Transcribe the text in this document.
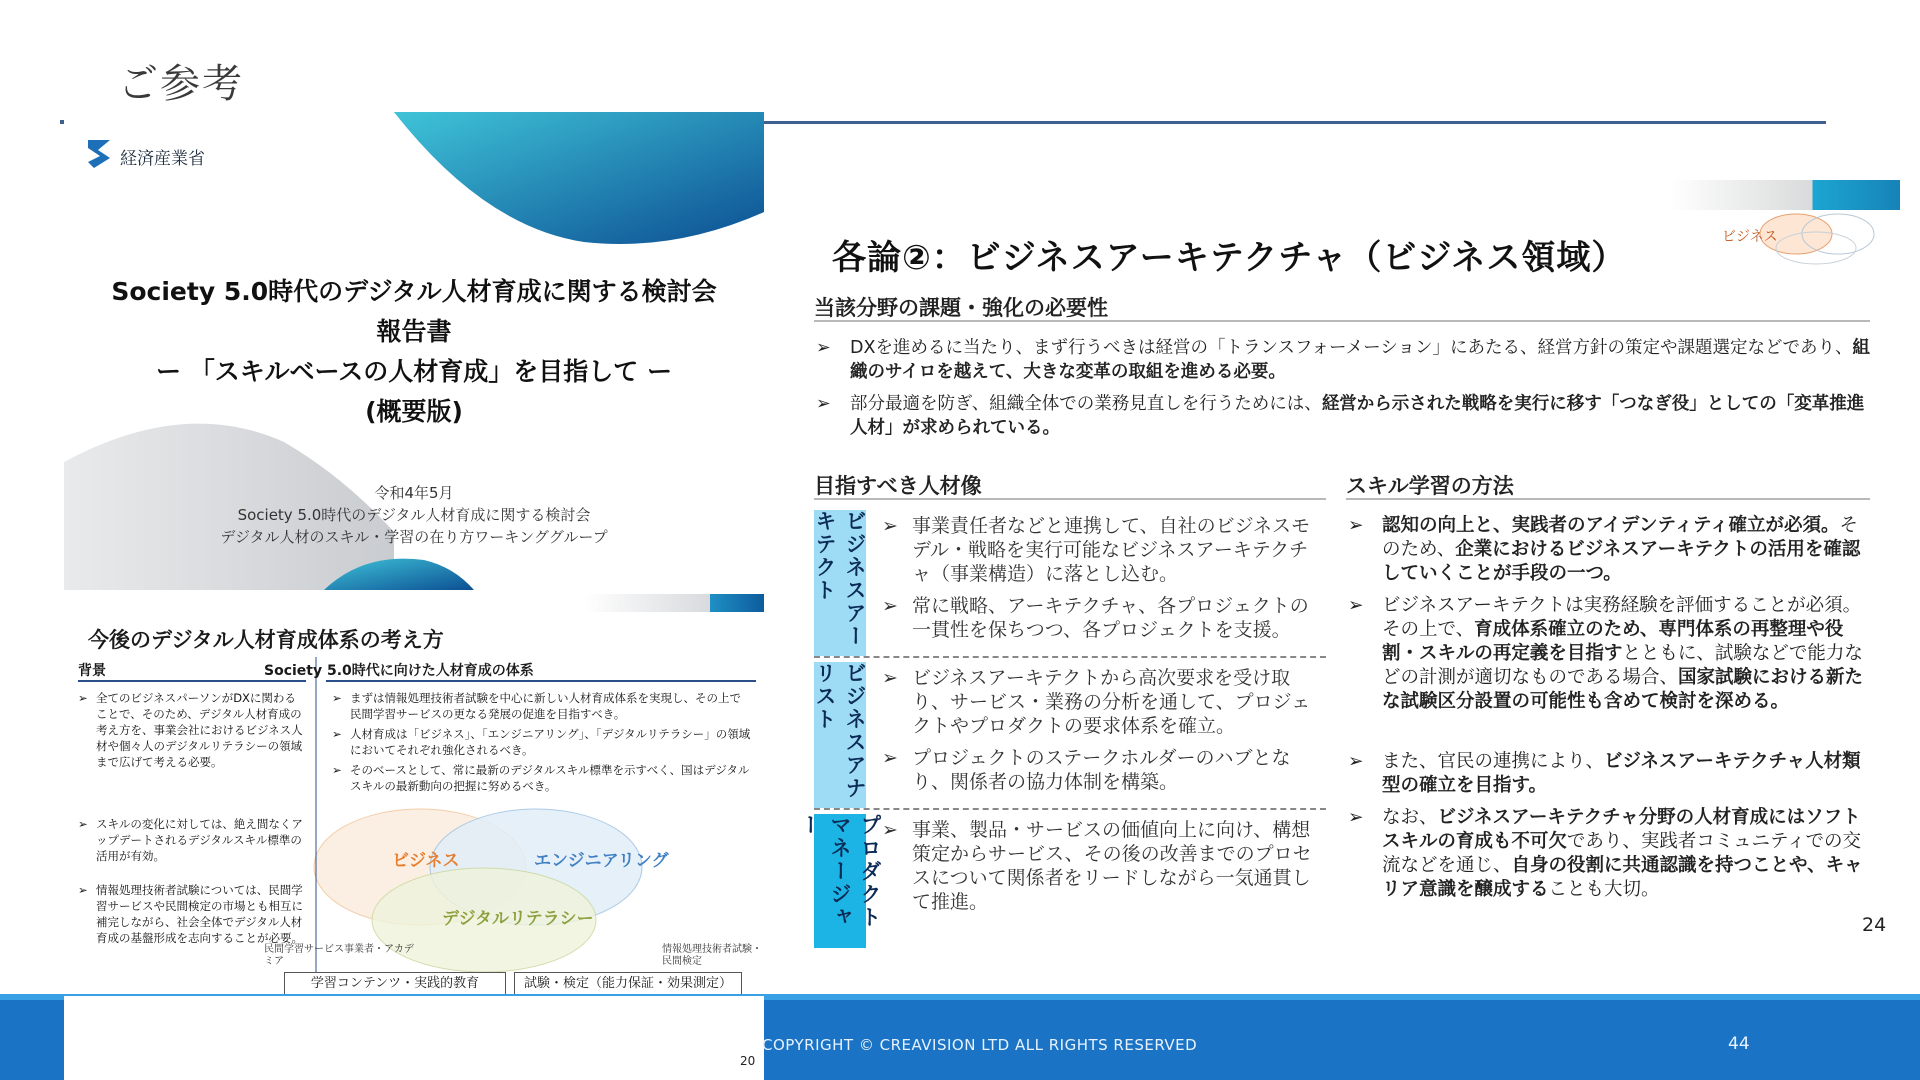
ご参考
経済産業省
Society 5.0時代のデジタル人材育成に関する検討会
報告書
ー 「スキルベースの人材育成」を目指して ー
(概要版)
令和4年5月
Society 5.0時代のデジタル人材育成に関する検討会
デジタル人材のスキル・学習の在り方ワーキンググループ
今後のデジタル人材育成体系の考え方
背景	Society 5.0時代に向けた人材育成の体系
➢ 全てのビジネスパーソンがDXに関わることで、そのため、デジタル人材育成の考え方を、事業会社におけるビジネス人材や個々人のデジタルリテラシーの領域まで広げて考える必要。
➢ スキルの変化に対しては、絶え間なくアップデートされるデジタルスキル標準の活用が有効。
➢ 情報処理技術者試験については、民間学習サービスや民間検定の市場とも相互に補完しながら、社会全体でデジタル人材育成の基盤形成を志向することが必要。
➢ まずは情報処理技術者試験を中心に新しい人材育成体系を実現し、その上で民間学習サービスの更なる発展の促進を目指すべき。
➢ 人材育成は「ビジネス」、「エンジニアリング」、「デジタルリテラシー」の領域においてそれぞれ強化されるべき。
➢ そのベースとして、常に最新のデジタルスキル標準を示すべく、国はデジタルスキルの最新動向の把握に努めるべき。
ビジネス	エンジニアリング
デジタルリテラシー
民間学習サービス事業者・アカデミア
情報処理技術者試験・民間検定
学習コンテンツ・実践的教育	試験・検定（能力保証・効果測定）
ビジネス
各論②：ビジネスアーキテクチャ（ビジネス領域）
当該分野の課題・強化の必要性
➢	DXを進めるに当たり、まず行うべきは経営の「トランスフォーメーション」にあたる、経営方針の策定や課題選定などであり、組織のサイロを越えて、大きな変革の取組を進める必要。
➢	部分最適を防ぎ、組織全体での業務見直しを行うためには、経営から示された戦略を実行に移す「つなぎ役」としての「変革推進人材」が求められている。
目指すべき人材像	スキル学習の方法
ビジネスアーキテクト	➢ 事業責任者などと連携して、自社のビジネスモデル・戦略を実行可能なビジネスアーキテクチャ（事業構造）に落とし込む。
➢ 常に戦略、アーキテクチャ、各プロジェクトの一貫性を保ちつつ、各プロジェクトを支援。
ビジネスアナリスト	➢ ビジネスアーキテクトから高次要求を受け取り、サービス・業務の分析を通して、プロジェクトやプロダクトの要求体系を確立。
➢ プロジェクトのステークホルダーのハブとなり、関係者の協力体制を構築。
プロダクトマネージャー	➢ 事業、製品・サービスの価値向上に向け、構想策定からサービス、その後の改善までのプロセスについて関係者をリードしながら一気通貫して推進。
➢ 認知の向上と、実践者のアイデンティティ確立が必須。そのため、企業におけるビジネスアーキテクトの活用を確認していくことが手段の一つ。
➢ ビジネスアーキテクトは実務経験を評価することが必須。その上で、育成体系確立のため、専門体系の再整理や役割・スキルの再定義を目指すとともに、試験などで能力などの計測が適切なものである場合、国家試験における新たな試験区分設置の可能性も含めて検討を深める。
➢ また、官民の連携により、ビジネスアーキテクチャ人材類型の確立を目指す。
➢ なお、ビジネスアーキテクチャ分野の人材育成にはソフトスキルの育成も不可欠であり、実践者コミュニティでの交流などを通じ、自身の役割に共通認識を持つことや、キャリア意識を醸成することも大切。
24
20
COPYRIGHT © CREAVISION LTD ALL RIGHTS RESERVED	44
